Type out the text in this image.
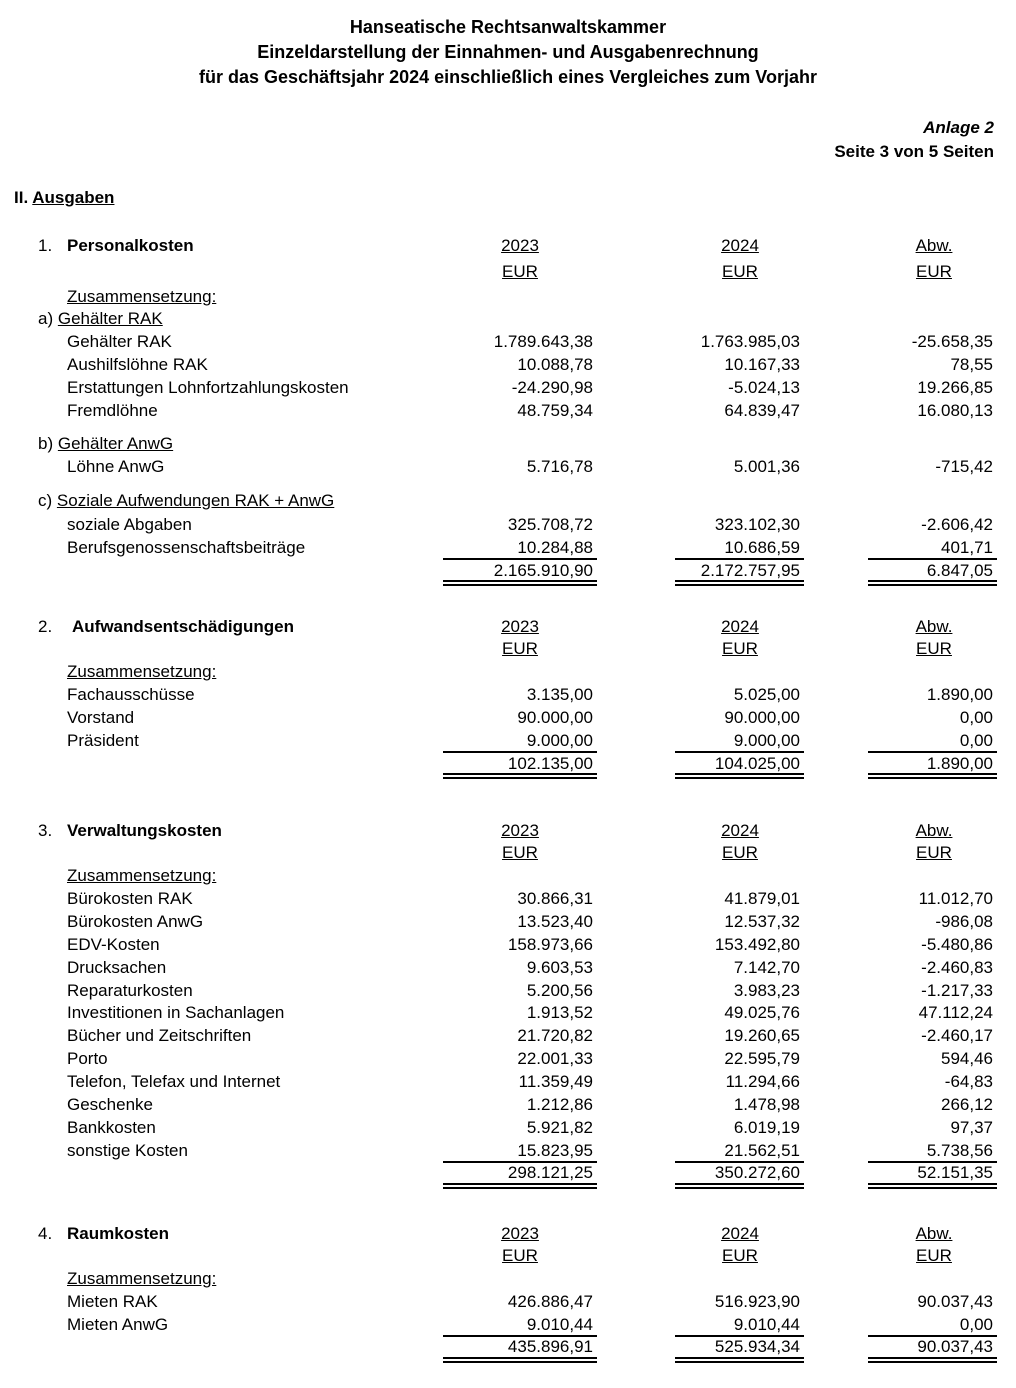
Hanseatische Rechtsanwaltskammer
Einzeldarstellung der Einnahmen- und Ausgabenrechnung
für das Geschäftsjahr 2024 einschließlich eines Vergleiches zum Vorjahr
Anlage 2
Seite 3 von 5 Seiten
II. Ausgaben
1. Personalkosten	2023	2024	Abw.
EUR	EUR	EUR
Zusammensetzung:
a) Gehälter RAK
Gehälter RAK	1.789.643,38	1.763.985,03	-25.658,35
Aushilfslöhne RAK	10.088,78	10.167,33	78,55
Erstattungen Lohnfortzahlungskosten	-24.290,98	-5.024,13	19.266,85
Fremdlöhne	48.759,34	64.839,47	16.080,13
b) Gehälter AnwG
Löhne AnwG	5.716,78	5.001,36	-715,42
c) Soziale Aufwendungen RAK + AnwG
soziale Abgaben	325.708,72	323.102,30	-2.606,42
Berufsgenossenschaftsbeiträge	10.284,88	10.686,59	401,71
2.165.910,90	2.172.757,95	6.847,05
2. Aufwandsentschädigungen	2023	2024	Abw.
EUR	EUR	EUR
Zusammensetzung:
Fachausschüsse	3.135,00	5.025,00	1.890,00
Vorstand	90.000,00	90.000,00	0,00
Präsident	9.000,00	9.000,00	0,00
102.135,00	104.025,00	1.890,00
3. Verwaltungskosten	2023	2024	Abw.
EUR	EUR	EUR
Zusammensetzung:
Bürokosten RAK	30.866,31	41.879,01	11.012,70
Bürokosten AnwG	13.523,40	12.537,32	-986,08
EDV-Kosten	158.973,66	153.492,80	-5.480,86
Drucksachen	9.603,53	7.142,70	-2.460,83
Reparaturkosten	5.200,56	3.983,23	-1.217,33
Investitionen in Sachanlagen	1.913,52	49.025,76	47.112,24
Bücher und Zeitschriften	21.720,82	19.260,65	-2.460,17
Porto	22.001,33	22.595,79	594,46
Telefon, Telefax und Internet	11.359,49	11.294,66	-64,83
Geschenke	1.212,86	1.478,98	266,12
Bankkosten	5.921,82	6.019,19	97,37
sonstige Kosten	15.823,95	21.562,51	5.738,56
298.121,25	350.272,60	52.151,35
4. Raumkosten	2023	2024	Abw.
EUR	EUR	EUR
Zusammensetzung:
Mieten RAK	426.886,47	516.923,90	90.037,43
Mieten AnwG	9.010,44	9.010,44	0,00
435.896,91	525.934,34	90.037,43
